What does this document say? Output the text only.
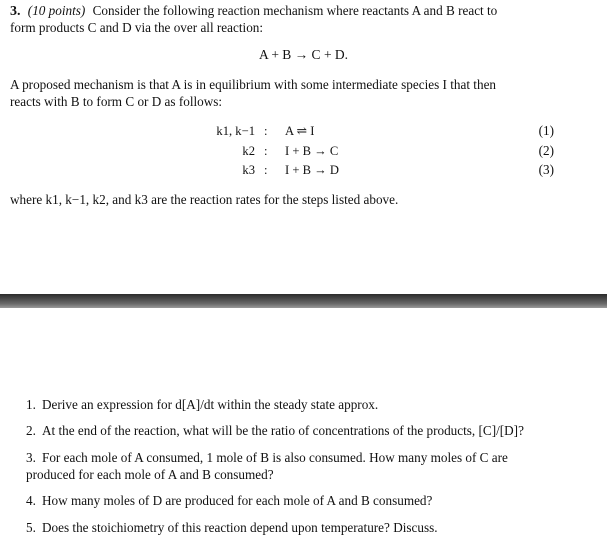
3. (10 points) Consider the following reaction mechanism where reactants A and B react to
form products C and D via the over all reaction:
A + B → C + D.
A proposed mechanism is that A is in equilibrium with some intermediate species I that then
reacts with B to form C or D as follows:
k1, k−1 : A ⇌ I	(1)
k2 : I + B → C	(2)
k3 : I + B → D	(3)
where k1, k−1, k2, and k3 are the reaction rates for the steps listed above.
1. Derive an expression for d[A]/dt within the steady state approx.
2. At the end of the reaction, what will be the ratio of concentrations of the products, [C]/[D]?
3. For each mole of A consumed, 1 mole of B is also consumed. How many moles of C are
produced for each mole of A and B consumed?
4. How many moles of D are produced for each mole of A and B consumed?
5. Does the stoichiometry of this reaction depend upon temperature? Discuss.
